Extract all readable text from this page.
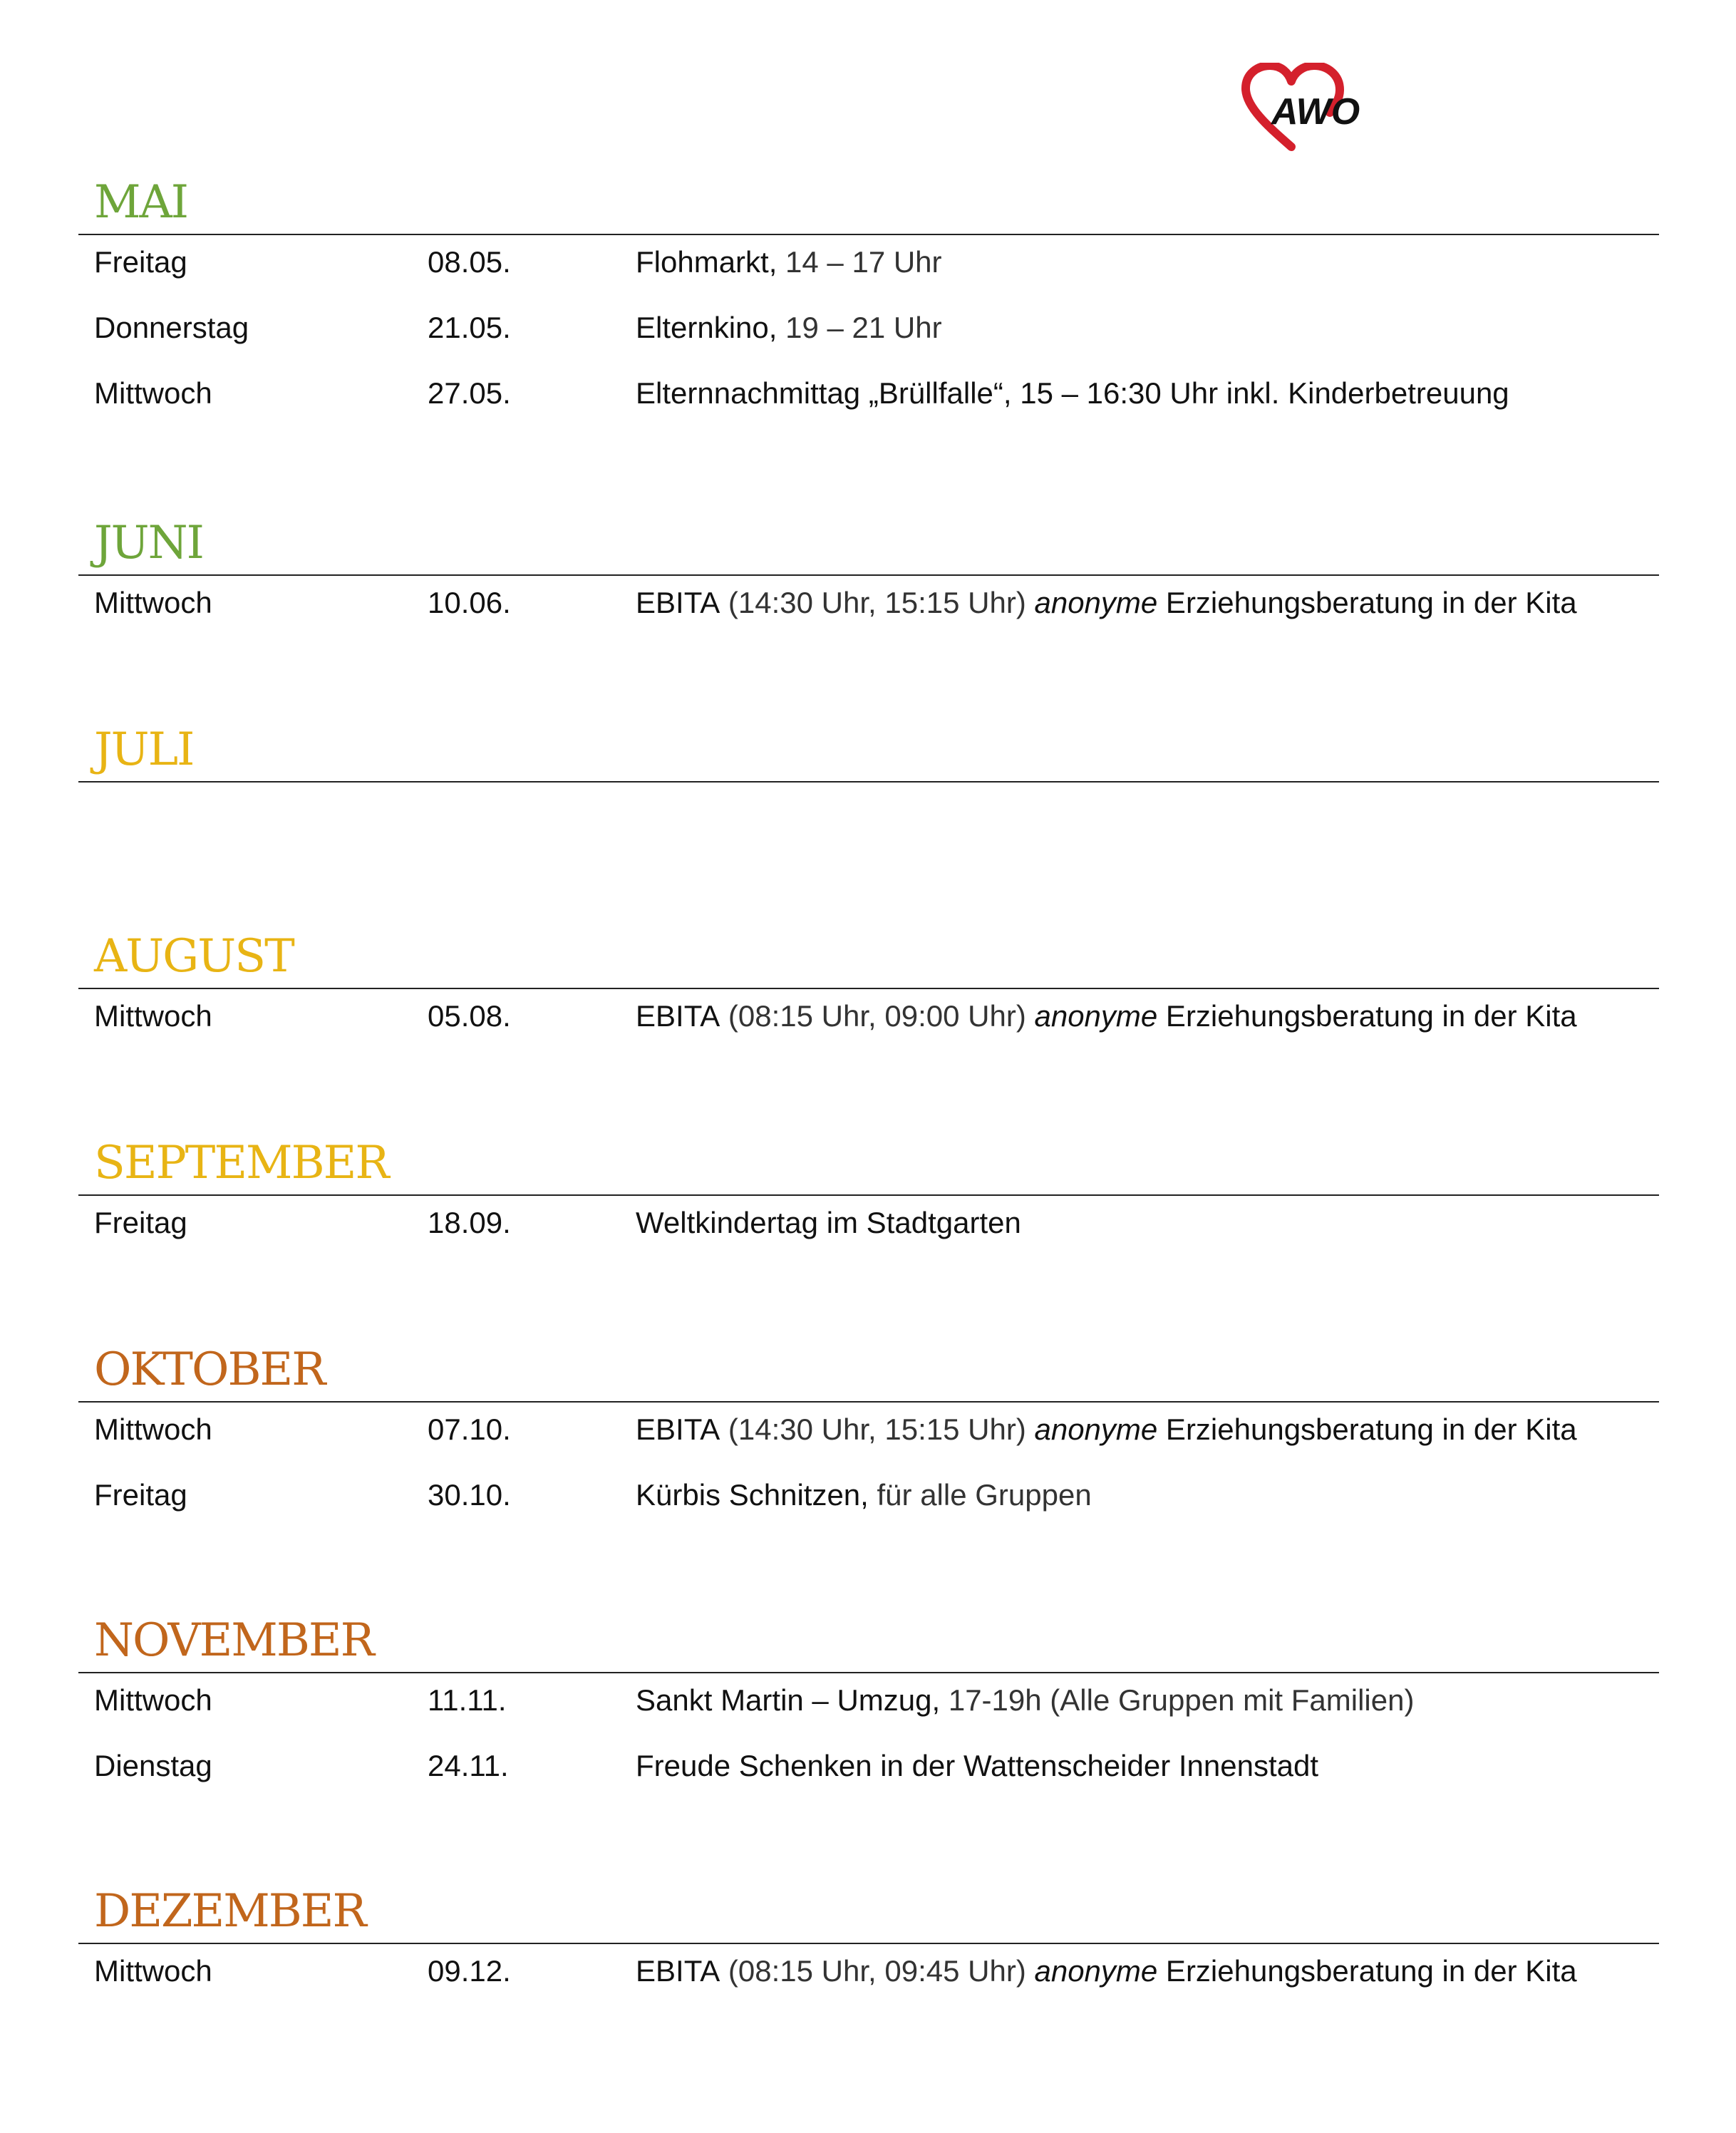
AWO
mai
Freitag	08.05.	Flohmarkt, 14 – 17 Uhr
Donnerstag	21.05.	Elternkino, 19 – 21 Uhr
Mittwoch	27.05.	Elternnachmittag „Brüllfalle“, 15 – 16:30 Uhr inkl. Kinderbetreuung
juni
Mittwoch	10.06.	EBITA (14:30 Uhr, 15:15 Uhr) anonyme Erziehungsberatung in der Kita
juli
august
Mittwoch	05.08.	EBITA (08:15 Uhr, 09:00 Uhr) anonyme Erziehungsberatung in der Kita
september
Freitag	18.09.	Weltkindertag im Stadtgarten
oktober
Mittwoch	07.10.	EBITA (14:30 Uhr, 15:15 Uhr) anonyme Erziehungsberatung in der Kita
Freitag	30.10.	Kürbis Schnitzen, für alle Gruppen
november
Mittwoch	11.11.	Sankt Martin – Umzug, 17-19h (Alle Gruppen mit Familien)
Dienstag	24.11.	Freude Schenken in der Wattenscheider Innenstadt
dezember
Mittwoch	09.12.	EBITA (08:15 Uhr, 09:45 Uhr) anonyme Erziehungsberatung in der Kita
